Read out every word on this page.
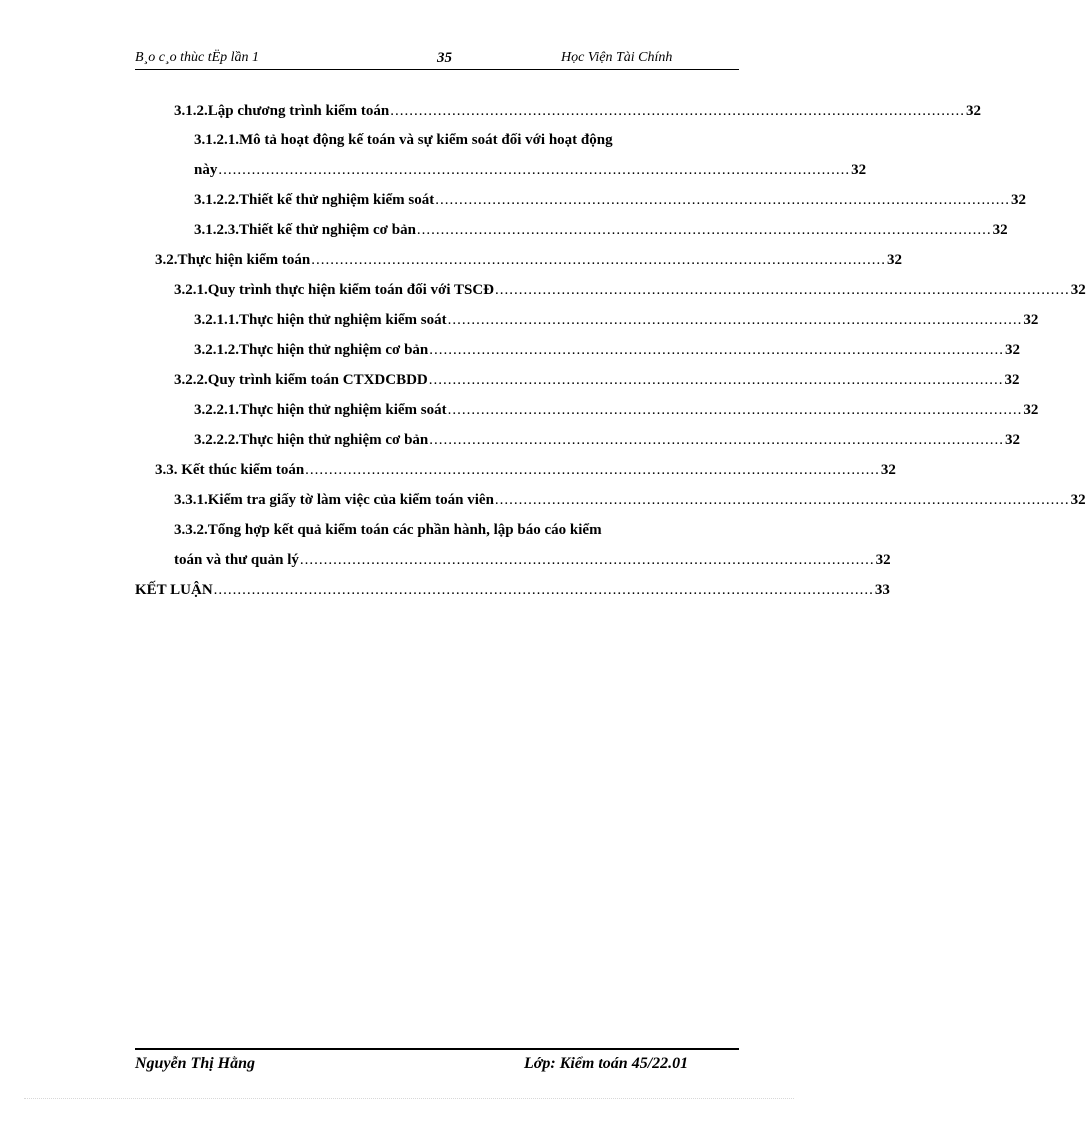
B¸o c¸o thùc tËp lần 1	35	Học Viện Tài Chính
3.1.2.Lập chương trình kiểm toán ......................................................................................................................... 32
3.1.2.1.Mô tả hoạt động kế toán và sự kiểm soát đối với hoạt động
này ..................................................................................................................................... 32
3.1.2.2.Thiết kế thử nghiệm kiểm soát ......................................................................................................................... 32
3.1.2.3.Thiết kế thử nghiệm cơ bản ......................................................................................................................... 32
3.2.Thực hiện kiểm toán ......................................................................................................................... 32
3.2.1.Quy trình thực hiện kiểm toán đối với TSCĐ ......................................................................................................................... 32
3.2.1.1.Thực hiện thử nghiệm kiểm soát ......................................................................................................................... 32
3.2.1.2.Thực hiện thử nghiệm cơ bản ......................................................................................................................... 32
3.2.2.Quy trình kiểm toán CTXDCBDD ......................................................................................................................... 32
3.2.2.1.Thực hiện thử nghiệm kiểm soát ......................................................................................................................... 32
3.2.2.2.Thực hiện thử nghiệm cơ bản ......................................................................................................................... 32
3.3. Kết thúc kiểm toán ......................................................................................................................... 32
3.3.1.Kiểm tra giấy tờ làm việc của kiểm toán viên ......................................................................................................................... 32
3.3.2.Tổng hợp kết quả kiểm toán các phần hành, lập báo cáo kiểm
toán và thư quản lý ......................................................................................................................... 32
KẾT LUẬN ........................................................................................................................................... 33
Nguyễn Thị Hằng	Lớp: Kiểm toán 45/22.01
